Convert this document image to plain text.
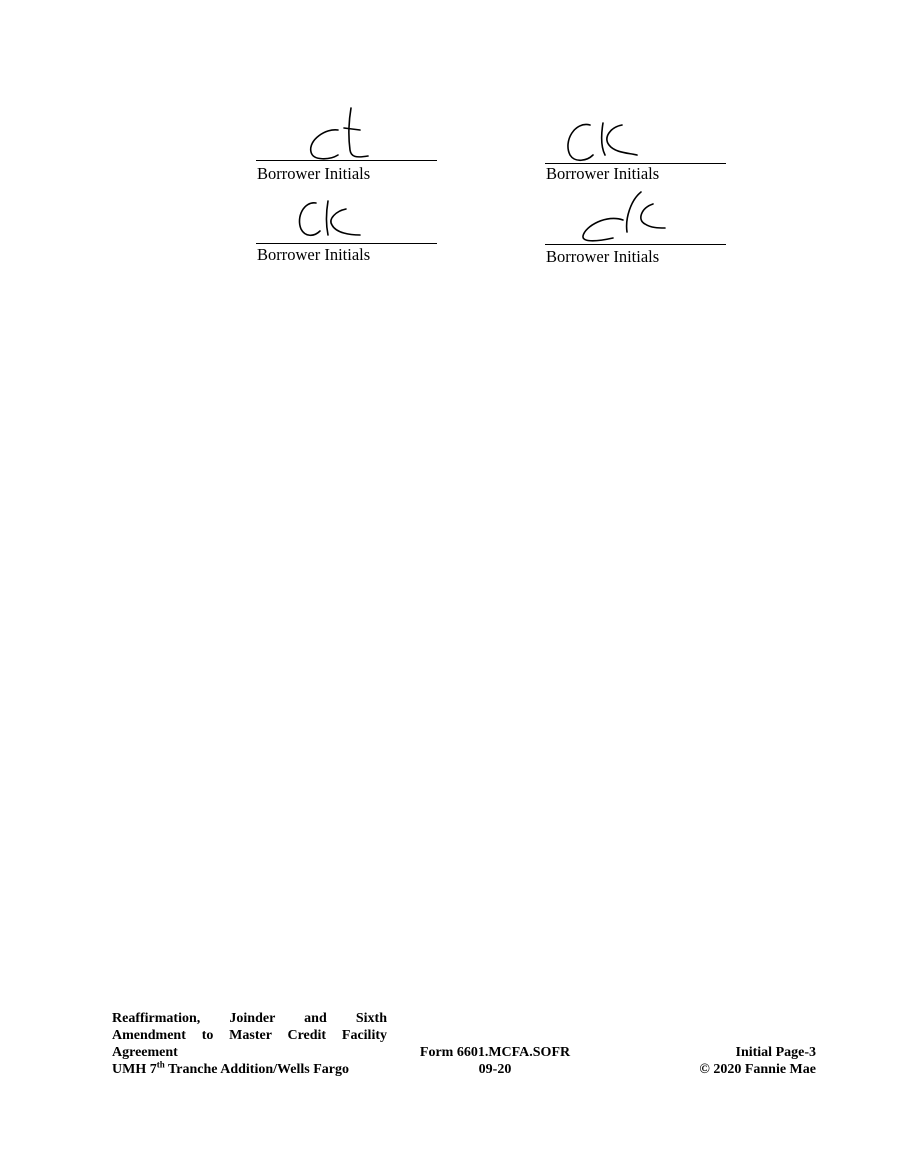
Borrower Initials	Borrower Initials
Borrower Initials	Borrower Initials
Reaffirmation, Joinder and Sixth
Amendment to Master Credit Facility
Agreement
UMH 7th Tranche Addition/Wells Fargo
Form 6601.MCFA.SOFR
09-20
Initial Page-3
© 2020 Fannie Mae
